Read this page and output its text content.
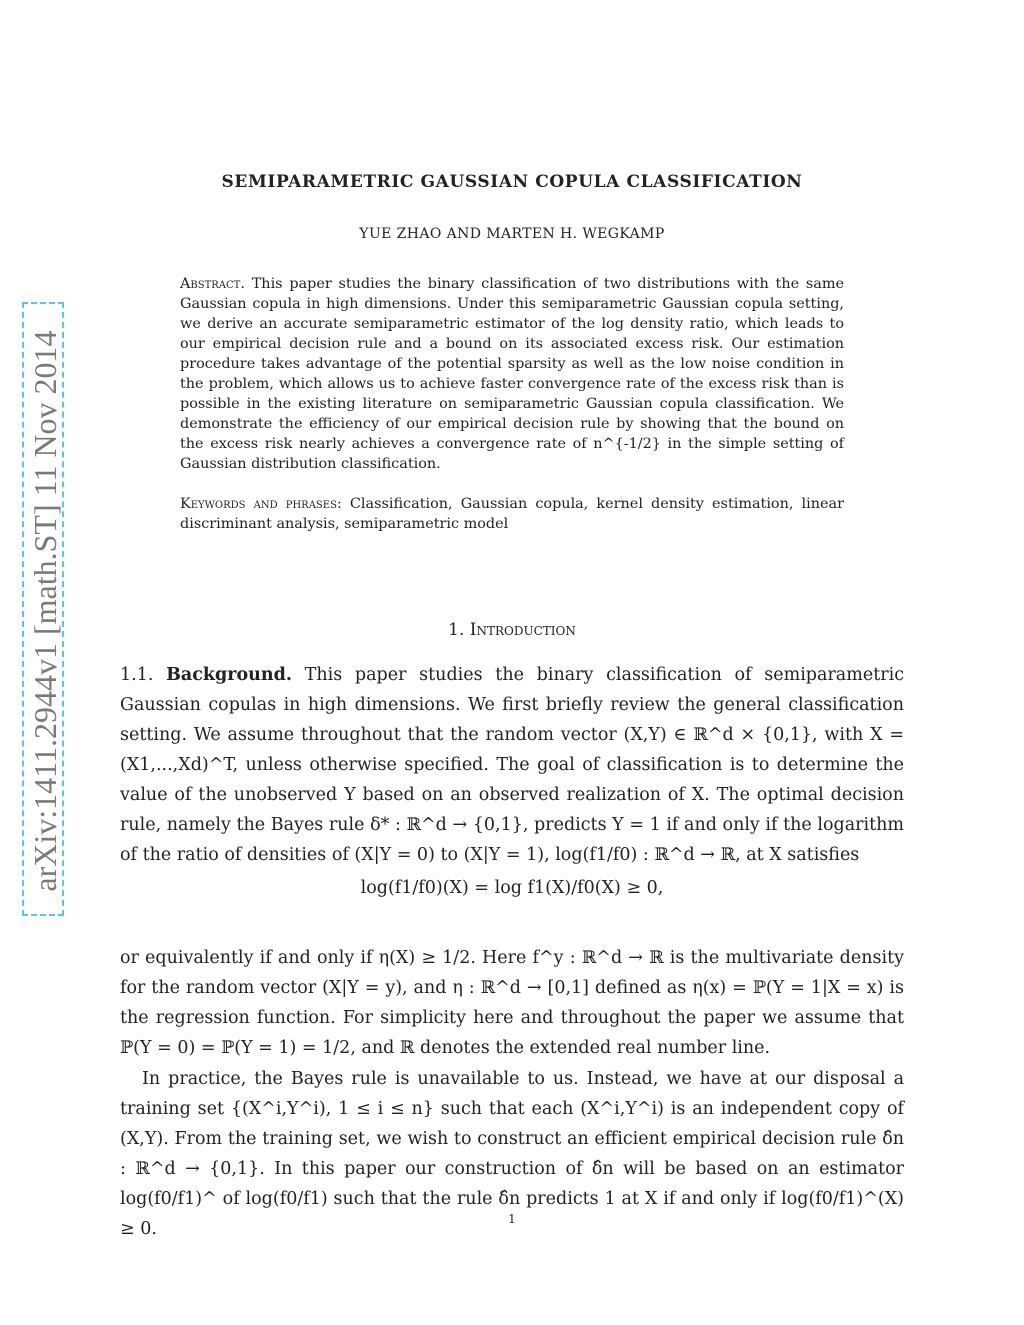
arXiv:1411.2944v1 [math.ST] 11 Nov 2014
SEMIPARAMETRIC GAUSSIAN COPULA CLASSIFICATION
YUE ZHAO AND MARTEN H. WEGKAMP
Abstract. This paper studies the binary classification of two distributions with the same Gaussian copula in high dimensions. Under this semiparametric Gaussian copula setting, we derive an accurate semiparametric estimator of the log density ratio, which leads to our empirical decision rule and a bound on its associated excess risk. Our estimation procedure takes advantage of the potential sparsity as well as the low noise condition in the problem, which allows us to achieve faster convergence rate of the excess risk than is possible in the existing literature on semiparametric Gaussian copula classification. We demonstrate the efficiency of our empirical decision rule by showing that the bound on the excess risk nearly achieves a convergence rate of n^{-1/2} in the simple setting of Gaussian distribution classification.
Keywords and phrases: Classification, Gaussian copula, kernel density estimation, linear discriminant analysis, semiparametric model
1. Introduction
1.1. Background. This paper studies the binary classification of semiparametric Gaussian copulas in high dimensions. We first briefly review the general classification setting. We assume throughout that the random vector (X,Y) ∈ ℝ^d × {0,1}, with X = (X1,...,Xd)^T, unless otherwise specified. The goal of classification is to determine the value of the unobserved Y based on an observed realization of X. The optimal decision rule, namely the Bayes rule δ* : ℝ^d → {0,1}, predicts Y = 1 if and only if the logarithm of the ratio of densities of (X|Y = 0) to (X|Y = 1), log(f1/f0) : ℝ^d → ℝ, at X satisfies
log(f1/f0)(X) = log f1(X)/f0(X) ≥ 0,
or equivalently if and only if η(X) ≥ 1/2. Here f^y : ℝ^d → ℝ is the multivariate density for the random vector (X|Y = y), and η : ℝ^d → [0,1] defined as η(x) = ℙ(Y = 1|X = x) is the regression function. For simplicity here and throughout the paper we assume that ℙ(Y = 0) = ℙ(Y = 1) = 1/2, and ℝ denotes the extended real number line.
In practice, the Bayes rule is unavailable to us. Instead, we have at our disposal a training set {(X^i,Y^i), 1 ≤ i ≤ n} such that each (X^i,Y^i) is an independent copy of (X,Y). From the training set, we wish to construct an efficient empirical decision rule δ̂n : ℝ^d → {0,1}. In this paper our construction of δ̂n will be based on an estimator log(f0/f1)^ of log(f0/f1) such that the rule δ̂n predicts 1 at X if and only if log(f0/f1)^(X) ≥ 0.	1
